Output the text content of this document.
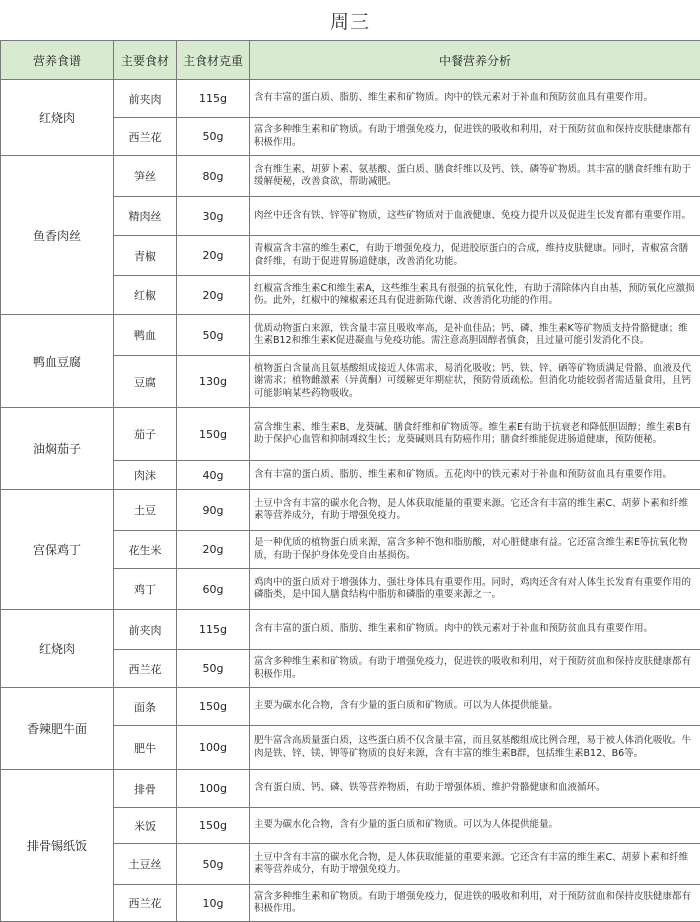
周三
营养食谱	主要食材	主食材克重	中餐营养分析
红烧肉	前夹肉	115g	含有丰富的蛋白质、脂肪、维生素和矿物质。肉中的铁元素对于补血和预防贫血具有重要作用。
	西兰花	50g	富含多种维生素和矿物质。有助于增强免疫力，促进铁的吸收和利用，对于预防贫血和保持皮肤健康都有积极作用。
鱼香肉丝	笋丝	80g	含有维生素、胡萝卜素、氨基酸、蛋白质、膳食纤维以及钙、铁、磷等矿物质。其丰富的膳食纤维有助于缓解便秘，改善食欲，帮助减肥。
	精肉丝	30g	肉丝中还含有铁、锌等矿物质，这些矿物质对于血液健康、免疫力提升以及促进生长发育都有重要作用。
	青椒	20g	青椒富含丰富的维生素C，有助于增强免疫力，促进胶原蛋白的合成，维持皮肤健康。同时，青椒富含膳食纤维，有助于促进胃肠道健康，改善消化功能。
	红椒	20g	红椒富含维生素C和维生素A，这些维生素具有很强的抗氧化性，有助于清除体内自由基，预防氧化应激损伤。此外，红椒中的辣椒素还具有促进新陈代谢、改善消化功能的作用。
鸭血豆腐	鸭血	50g	优质动物蛋白来源，铁含量丰富且吸收率高，是补血佳品；钙、磷、维生素K等矿物质支持骨骼健康；维生素B12和维生素K促进凝血与免疫功能。需注意高胆固醇者慎食，且过量可能引发消化不良。
	豆腐	130g	植物蛋白含量高且氨基酸组成接近人体需求，易消化吸收；钙、铁、锌、硒等矿物质满足骨骼、血液及代谢需求；植物雌激素（异黄酮）可缓解更年期症状，预防骨质疏松。但消化功能较弱者需适量食用，且钙可能影响某些药物吸收。
油焖茄子	茄子	150g	富含维生素、维生素B、龙葵碱、膳食纤维和矿物质等。维生素E有助于抗衰老和降低胆固醇；维生素B有助于保护心血管和抑制쾌纹生长；龙葵碱则具有防癌作用；膳食纤维能促进肠道健康，预防便秘。
	肉沫	40g	含有丰富的蛋白质、脂肪、维生素和矿物质。五花肉中的铁元素对于补血和预防贫血具有重要作用。
宫保鸡丁	土豆	90g	土豆中含有丰富的碳水化合物，是人体获取能量的重要来源。它还含有丰富的维生素C、胡萝卜素和纤维素等营养成分，有助于增强免疫力。
	花生米	20g	是一种优质的植物蛋白质来源，富含多种不饱和脂肪酸，对心脏健康有益。它还富含维生素E等抗氧化物质，有助于保护身体免受自由基损伤。
	鸡丁	60g	鸡肉中的蛋白质对于增强体力、强壮身体具有重要作用。同时，鸡肉还含有对人体生长发育有重要作用的磷脂类，是中国人膳食结构中脂肪和磷脂的重要来源之一。
红烧肉	前夹肉	115g	含有丰富的蛋白质、脂肪、维生素和矿物质。肉中的铁元素对于补血和预防贫血具有重要作用。
	西兰花	50g	富含多种维生素和矿物质。有助于增强免疫力，促进铁的吸收和利用，对于预防贫血和保持皮肤健康都有积极作用。
香辣肥牛面	面条	150g	主要为碳水化合物，含有少量的蛋白质和矿物质。可以为人体提供能量。
	肥牛	100g	肥牛富含高质量蛋白质，这些蛋白质不仅含量丰富，而且氨基酸组成比例合理，易于被人体消化吸收。牛肉是铁、锌、镁、钾等矿物质的良好来源，含有丰富的维生素B群，包括维生素B12、B6等。
排骨锡纸饭	排骨	100g	含有蛋白质、钙、磷、铁等营养物质，有助于增强体质、维护骨骼健康和血液循环。
	米饭	150g	主要为碳水化合物，含有少量的蛋白质和矿物质。可以为人体提供能量。
	土豆丝	50g	土豆中含有丰富的碳水化合物，是人体获取能量的重要来源。它还含有丰富的维生素C、胡萝卜素和纤维素等营养成分，有助于增强免疫力。
	西兰花	10g	富含多种维生素和矿物质。有助于增强免疫力，促进铁的吸收和利用，对于预防贫血和保持皮肤健康都有积极作用。
